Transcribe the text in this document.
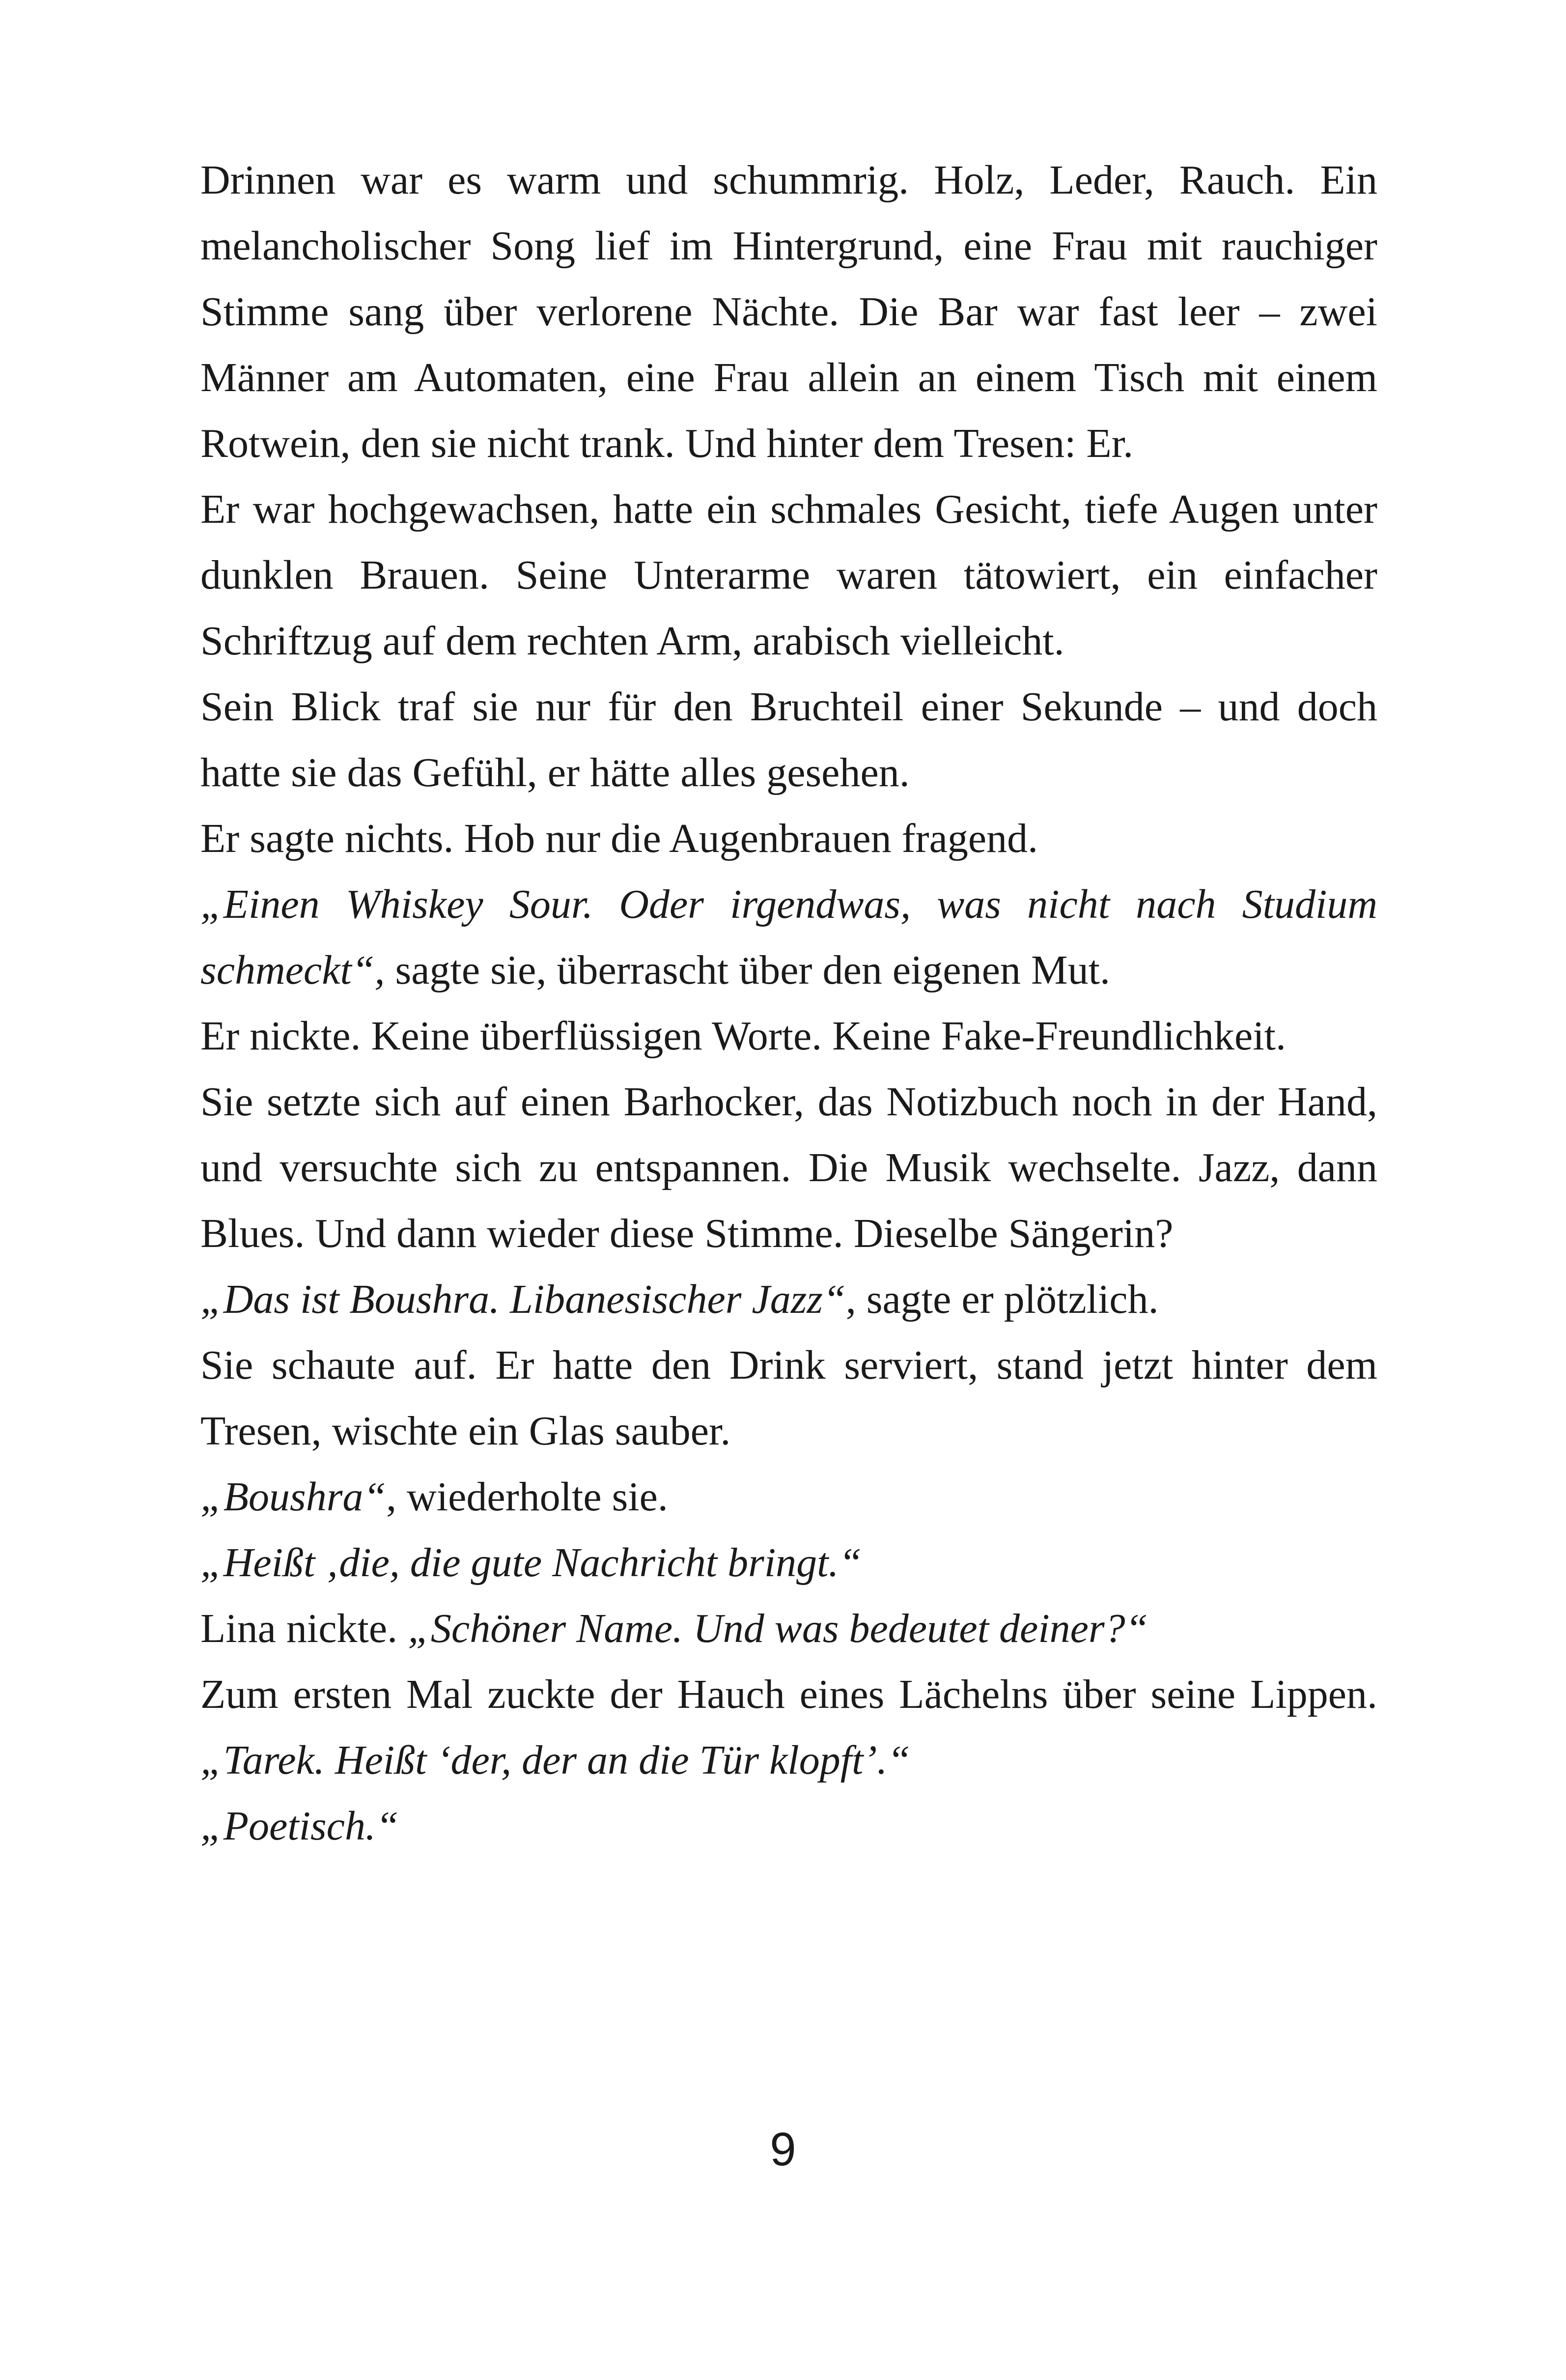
Drinnen war es warm und schummrig. Holz, Leder, Rauch. Ein melancholischer Song lief im Hintergrund, eine Frau mit rauchiger Stimme sang über verlorene Nächte. Die Bar war fast leer – zwei Männer am Automaten, eine Frau allein an einem Tisch mit einem Rotwein, den sie nicht trank. Und hinter dem Tresen: Er.

Er war hochgewachsen, hatte ein schmales Gesicht, tiefe Augen unter dunklen Brauen. Seine Unterarme waren tätowiert, ein einfacher Schriftzug auf dem rechten Arm, arabisch vielleicht.

Sein Blick traf sie nur für den Bruchteil einer Sekunde – und doch hatte sie das Gefühl, er hätte alles gesehen.

Er sagte nichts. Hob nur die Augenbrauen fragend.

„Einen Whiskey Sour. Oder irgendwas, was nicht nach Studium schmeckt“, sagte sie, überrascht über den eigenen Mut.

Er nickte. Keine überflüssigen Worte. Keine Fake-Freundlichkeit.

Sie setzte sich auf einen Barhocker, das Notizbuch noch in der Hand, und versuchte sich zu entspannen. Die Musik wechselte. Jazz, dann Blues. Und dann wieder diese Stimme. Dieselbe Sängerin?

„Das ist Boushra. Libanesischer Jazz“, sagte er plötzlich.

Sie schaute auf. Er hatte den Drink serviert, stand jetzt hinter dem Tresen, wischte ein Glas sauber.

„Boushra“, wiederholte sie.

„Heißt ‚die, die gute Nachricht bringt.“

Lina nickte. „Schöner Name. Und was bedeutet deiner?“

Zum ersten Mal zuckte der Hauch eines Lächelns über seine Lippen. „Tarek. Heißt ‘der, der an die Tür klopft’.“

„Poetisch.“

9
